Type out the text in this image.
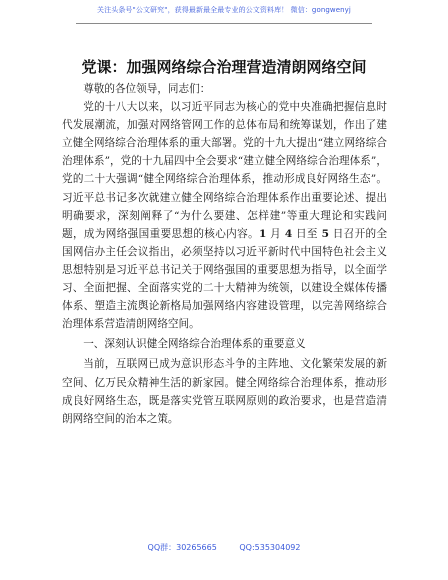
关注头条号"公文研究"，获得最新最全最专业的公文资料库！ 微信：gongwenyj
党课：加强网络综合治理营造清朗网络空间

尊敬的各位领导，同志们：

党的十八大以来，以习近平同志为核心的党中央准确把握信息时代发展潮流，加强对网络管网工作的总体布局和统筹谋划，作出了建立健全网络综合治理体系的重大部署。党的十九大提出“建立网络综合治理体系”，党的十九届四中全会要求“建立健全网络综合治理体系”，党的二十大强调“健全网络综合治理体系，推动形成良好网络生态”。习近平总书记多次就建立健全网络综合治理体系作出重要论述、提出明确要求，深刻阐释了“为什么要建、怎样建”等重大理论和实践问题，成为网络强国重要思想的核心内容。1 月 4 日至 5 日召开的全国网信办主任会议指出，必须坚持以习近平新时代中国特色社会主义思想特别是习近平总书记关于网络强国的重要思想为指导，以全面学习、全面把握、全面落实党的二十大精神为统领，以建设全媒体传播体系、塑造主流舆论新格局加强网络内容建设管理，以完善网络综合治理体系营造清朗网络空间。

一、深刻认识健全网络综合治理体系的重要意义

当前，互联网已成为意识形态斗争的主阵地、文化繁荣发展的新空间、亿万民众精神生活的新家园。健全网络综合治理体系，推动形成良好网络生态，既是落实党管互联网原则的政治要求，也是营造清朗网络空间的治本之策。

QQ群：30265665	QQ:535304092
